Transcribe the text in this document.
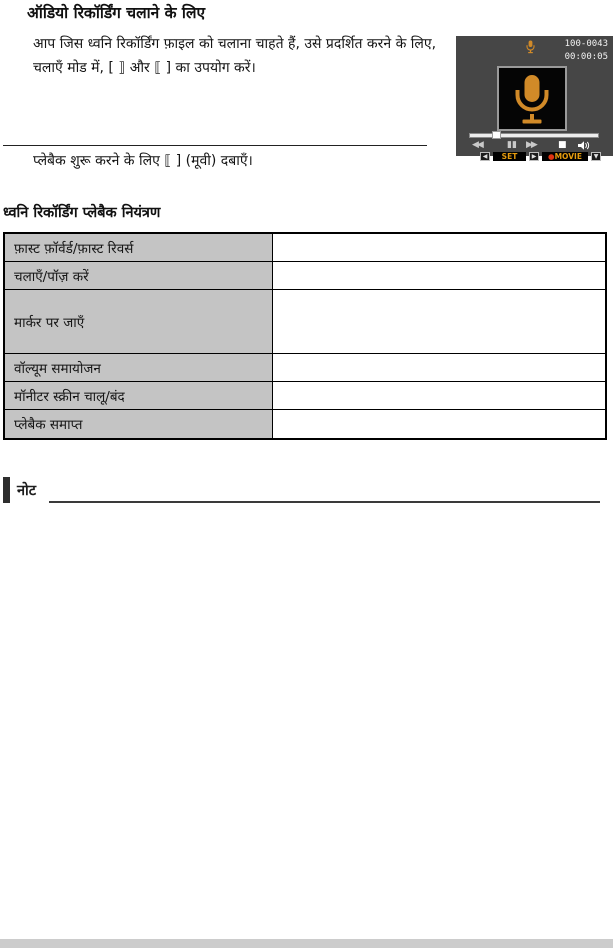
ऑडियो रिकॉर्डिंग चलाने के लिए
आप जिस ध्वनि रिकॉर्डिंग फ़ाइल को चलाना चाहते हैं, उसे प्रदर्शित करने के लिए, चलाएँ मोड में, [ ⟧ और ⟦ ] का उपयोग करें।
100-0043
00:00:05
◀◀	▮▮ ▶▶ ■
◀	SET	▶	●MOVIE	▼
प्लेबैक शुरू करने के लिए ⟦ ] (मूवी) दबाएँ।
ध्वनि रिकॉर्डिंग प्लेबैक नियंत्रण
फ़ास्ट फ़ॉर्वर्ड/फ़ास्ट रिवर्स
चलाएँ/पॉज़ करें
मार्कर पर जाएँ
वॉल्यूम समायोजन
मॉनीटर स्क्रीन चालू/बंद
प्लेबैक समाप्त
नोट
